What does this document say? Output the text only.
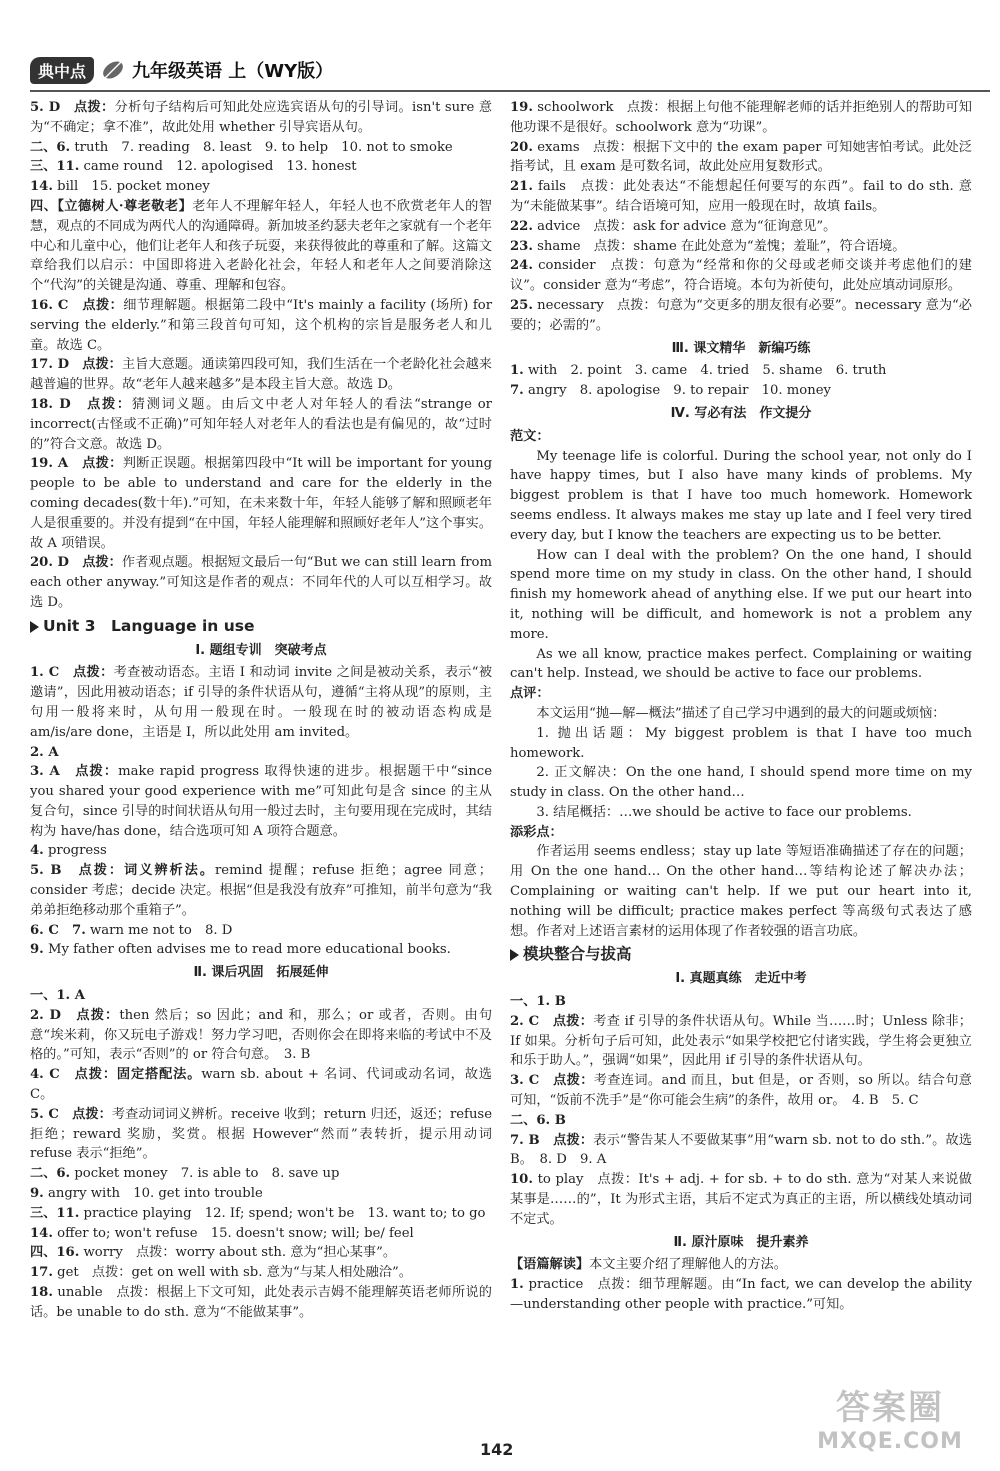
典中点	九年级英语 上（WY版）

5. D　点拨：分析句子结构后可知此处应选宾语从句的引导词。isn't sure 意为“不确定；拿不准”，故此处用 whether 引导宾语从句。

二、6. truth　7. reading　8. least　9. to help　10. not to smoke

三、11. came round　12. apologised　13. honest

14. bill　15. pocket money

四、【立德树人·尊老敬老】老年人不理解年轻人，年轻人也不欣赏老年人的智慧，观点的不同成为两代人的沟通障碍。新加坡圣约瑟夫老年之家就有一个老年中心和儿童中心，他们让老年人和孩子玩耍，来获得彼此的尊重和了解。这篇文章给我们以启示：中国即将进入老龄化社会，年轻人和老年人之间要消除这个“代沟”的关键是沟通、尊重、理解和包容。

16. C　点拨：细节理解题。根据第二段中“It's mainly a facility (场所) for serving the elderly.”和第三段首句可知，这个机构的宗旨是服务老人和儿童。故选 C。

17. D　点拨：主旨大意题。通读第四段可知，我们生活在一个老龄化社会越来越普遍的世界。故“老年人越来越多”是本段主旨大意。故选 D。

18. D　点拨：猜测词义题。由后文中老人对年轻人的看法“strange or incorrect(古怪或不正确)”可知年轻人对老年人的看法也是有偏见的，故“过时的”符合文意。故选 D。

19. A　点拨：判断正误题。根据第四段中“It will be important for young people to be able to understand and care for the elderly in the coming decades(数十年).”可知，在未来数十年，年轻人能够了解和照顾老年人是很重要的。并没有提到“在中国，年轻人能理解和照顾好老年人”这个事实。故 A 项错误。

20. D　点拨：作者观点题。根据短文最后一句“But we can still learn from each other anyway.”可知这是作者的观点：不同年代的人可以互相学习。故选 D。

Unit 3　Language in use
Ⅰ. 题组专训　突破考点

1. C　点拨：考查被动语态。主语 I 和动词 invite 之间是被动关系，表示“被邀请”，因此用被动语态；if 引导的条件状语从句，遵循“主将从现”的原则，主句用一般将来时，从句用一般现在时。一般现在时的被动语态构成是 am/is/are done，主语是 I，所以此处用 am invited。

2. A

3. A　点拨：make rapid progress 取得快速的进步。根据题干中“since you shared your good experience with me”可知此句是含 since 的主从复合句，since 引导的时间状语从句用一般过去时，主句要用现在完成时，其结构为 have/has done，结合选项可知 A 项符合题意。

4. progress

5. B　点拨：词义辨析法。remind 提醒；refuse 拒绝；agree 同意；consider 考虑；decide 决定。根据“但是我没有放弃”可推知，前半句意为“我弟弟拒绝移动那个重箱子”。

6. C　7. warn me not to　8. D

9. My father often advises me to read more educational books.

Ⅱ. 课后巩固　拓展延伸

一、1. A

2. D　点拨：then 然后；so 因此；and 和，那么；or 或者，否则。由句意“埃米莉，你又玩电子游戏！努力学习吧，否则你会在即将来临的考试中不及格的。”可知，表示“否则”的 or 符合句意。　3. B

4. C　点拨：固定搭配法。warn sb. about + 名词、代词或动名词，故选 C。

5. C　点拨：考查动词词义辨析。receive 收到；return 归还，返还；refuse 拒绝；reward 奖励，奖赏。根据 However“然而”表转折，提示用动词 refuse 表示“拒绝”。

二、6. pocket money　7. is able to　8. save up

9. angry with　10. get into trouble

三、11. practice playing　12. If; spend; won't be　13. want to; to go

14. offer to; won't refuse　15. doesn't snow; will; be/ feel

四、16. worry　点拨：worry about sth. 意为“担心某事”。

17. get　点拨：get on well with sb. 意为“与某人相处融洽”。

18. unable　点拨：根据上下文可知，此处表示吉姆不能理解英语老师所说的话。be unable to do sth. 意为“不能做某事”。

19. schoolwork　点拨：根据上句他不能理解老师的话并拒绝别人的帮助可知他功课不是很好。schoolwork 意为“功课”。

20. exams　点拨：根据下文中的 the exam paper 可知她害怕考试。此处泛指考试，且 exam 是可数名词，故此处应用复数形式。

21. fails　点拨：此处表达“不能想起任何要写的东西”。fail to do sth. 意为“未能做某事”。结合语境可知，应用一般现在时，故填 fails。

22. advice　点拨：ask for advice 意为“征询意见”。

23. shame　点拨：shame 在此处意为“羞愧；羞耻”，符合语境。

24. consider　点拨：句意为“经常和你的父母或老师交谈并考虑他们的建议”。consider 意为“考虑”，符合语境。本句为祈使句，此处应填动词原形。

25. necessary　点拨：句意为“交更多的朋友很有必要”。necessary 意为“必要的；必需的”。

Ⅲ. 课文精华　新编巧练

1. with　2. point　3. came　4. tried　5. shame　6. truth

7. angry　8. apologise　9. to repair　10. money

Ⅳ. 写必有法　作文提分

范文：

My teenage life is colorful. During the school year, not only do I have happy times, but I also have many kinds of problems. My biggest problem is that I have too much homework. Homework seems endless. It always makes me stay up late and I feel very tired every day, but I know the teachers are expecting us to be better.

How can I deal with the problem? On the one hand, I should spend more time on my study in class. On the other hand, I should finish my homework ahead of anything else. If we put our heart into it, nothing will be difficult, and homework is not a problem any more.

As we all know, practice makes perfect. Complaining or waiting can't help. Instead, we should be active to face our problems.

点评：

本文运用“抛—解—概法”描述了自己学习中遇到的最大的问题或烦恼：

1. 抛出话题：My biggest problem is that I have too much homework.

2. 正文解决：On the one hand, I should spend more time on my study in class. On the other hand…

3. 结尾概括：…we should be active to face our problems.

添彩点：

作者运用 seems endless；stay up late 等短语准确描述了存在的问题；用 On the one hand… On the other hand…等结构论述了解决办法；Complaining or waiting can't help. If we put our heart into it, nothing will be difficult; practice makes perfect 等高级句式表达了感想。作者对上述语言素材的运用体现了作者较强的语言功底。

模块整合与拔高
Ⅰ. 真题真练　走近中考

一、1. B

2. C　点拨：考查 if 引导的条件状语从句。While 当……时；Unless 除非；If 如果。分析句子后可知，此处表示“如果学校把它付诸实践，学生将会更独立和乐于助人。”，强调“如果”，因此用 if 引导的条件状语从句。

3. C　点拨：考查连词。and 而且，but 但是，or 否则，so 所以。结合句意可知，“饭前不洗手”是“你可能会生病”的条件，故用 or。　4. B　5. C

二、6. B

7. B　点拨：表示“警告某人不要做某事”用“warn sb. not to do sth.”。故选 B。　8. D　9. A

10. to play　点拨：It's + adj. + for sb. + to do sth. 意为“对某人来说做某事是……的”，It 为形式主语，其后不定式为真正的主语，所以横线处填动词不定式。

Ⅱ. 原汁原味　提升素养

【语篇解读】本文主要介绍了理解他人的方法。

1. practice　点拨：细节理解题。由“In fact, we can develop the ability—understanding other people with practice.”可知。

142
答案圈
MXQE.COM
